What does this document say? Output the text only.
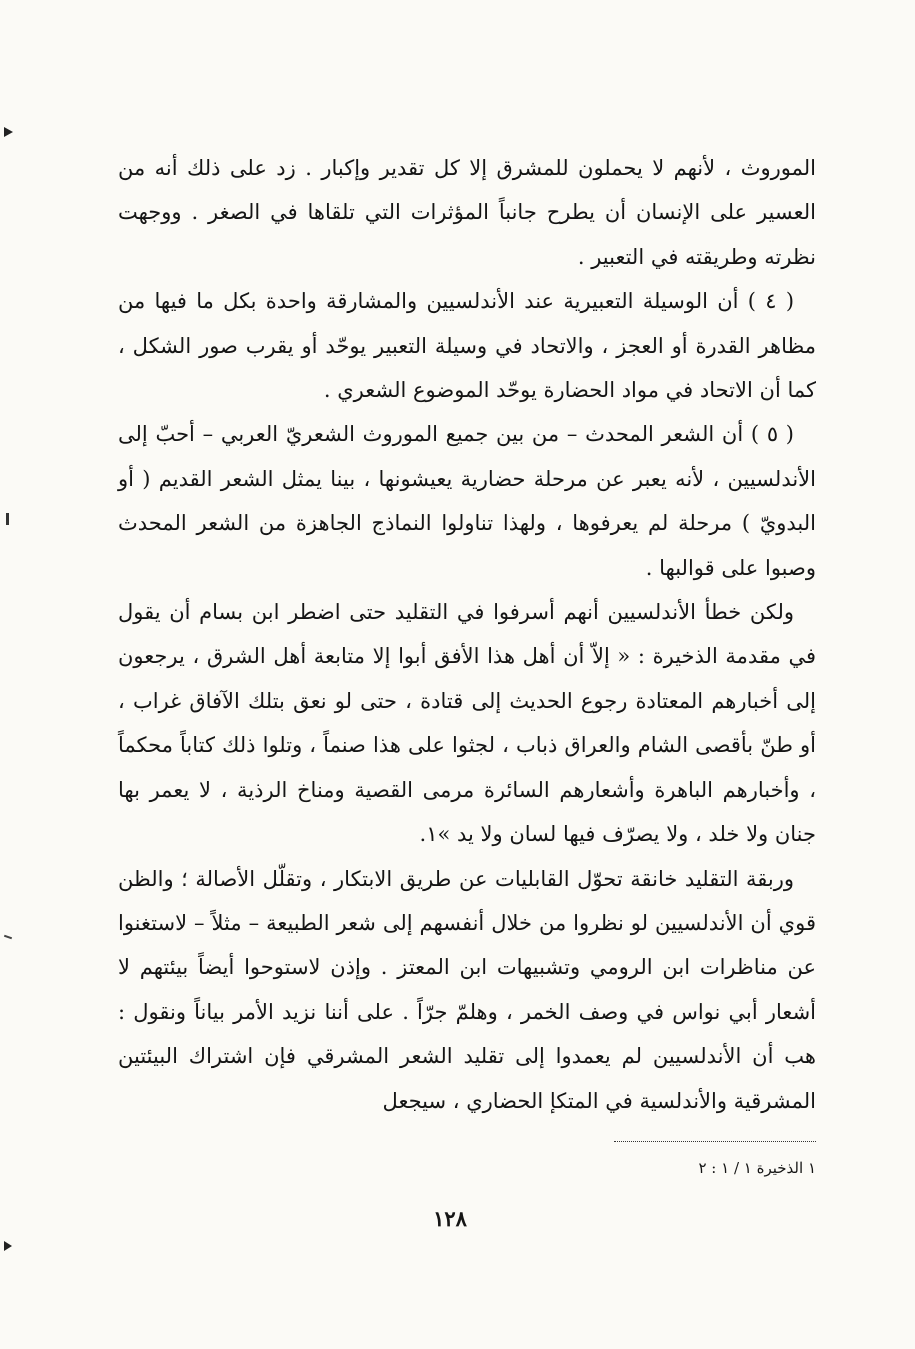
الموروث ، لأنهم لا يحملون للمشرق إلا كل تقدير وإكبار . زد على ذلك أنه من العسير على الإنسان أن يطرح جانباً المؤثرات التي تلقاها في الصغر . ووجهت نظرته وطريقته في التعبير .

( ٤ ) أن الوسيلة التعبيرية عند الأندلسيين والمشارقة واحدة بكل ما فيها من مظاهر القدرة أو العجز ، والاتحاد في وسيلة التعبير يوحّد أو يقرب صور الشكل ، كما أن الاتحاد في مواد الحضارة يوحّد الموضوع الشعري .

( ٥ ) أن الشعر المحدث – من بين جميع الموروث الشعريّ العربي – أحبّ إلى الأندلسيين ، لأنه يعبر عن مرحلة حضارية يعيشونها ، بينا يمثل الشعر القديم ( أو البدويّ ) مرحلة لم يعرفوها ، ولهذا تناولوا النماذج الجاهزة من الشعر المحدث وصبوا على قوالبها .

ولكن خطأ الأندلسيين أنهم أسرفوا في التقليد حتى اضطر ابن بسام أن يقول في مقدمة الذخيرة : « إلاّ أن أهل هذا الأفق أبوا إلا متابعة أهل الشرق ، يرجعون إلى أخبارهم المعتادة رجوع الحديث إلى قتادة ، حتى لو نعق بتلك الآفاق غراب ، أو طنّ بأقصى الشام والعراق ذباب ، لجثوا على هذا صنماً ، وتلوا ذلك كتاباً محكماً ، وأخبارهم الباهرة وأشعارهم السائرة مرمى القصية ومناخ الرذية ، لا يعمر بها جنان ولا خلد ، ولا يصرّف فيها لسان ولا يد »١.

وربقة التقليد خانقة تحوّل القابليات عن طريق الابتكار ، وتقلّل الأصالة ؛ والظن قوي أن الأندلسيين لو نظروا من خلال أنفسهم إلى شعر الطبيعة – مثلاً – لاستغنوا عن مناظرات ابن الرومي وتشبيهات ابن المعتز . وإذن لاستوحوا أيضاً بيئتهم لا أشعار أبي نواس في وصف الخمر ، وهلمّ جرّاً . على أننا نزيد الأمر بياناً ونقول : هب أن الأندلسيين لم يعمدوا إلى تقليد الشعر المشرقي فإن اشتراك البيئتين المشرقية والأندلسية في المتكإ الحضاري ، سيجعل

١ الذخيرة ١ / ١ : ٢
١٢٨
